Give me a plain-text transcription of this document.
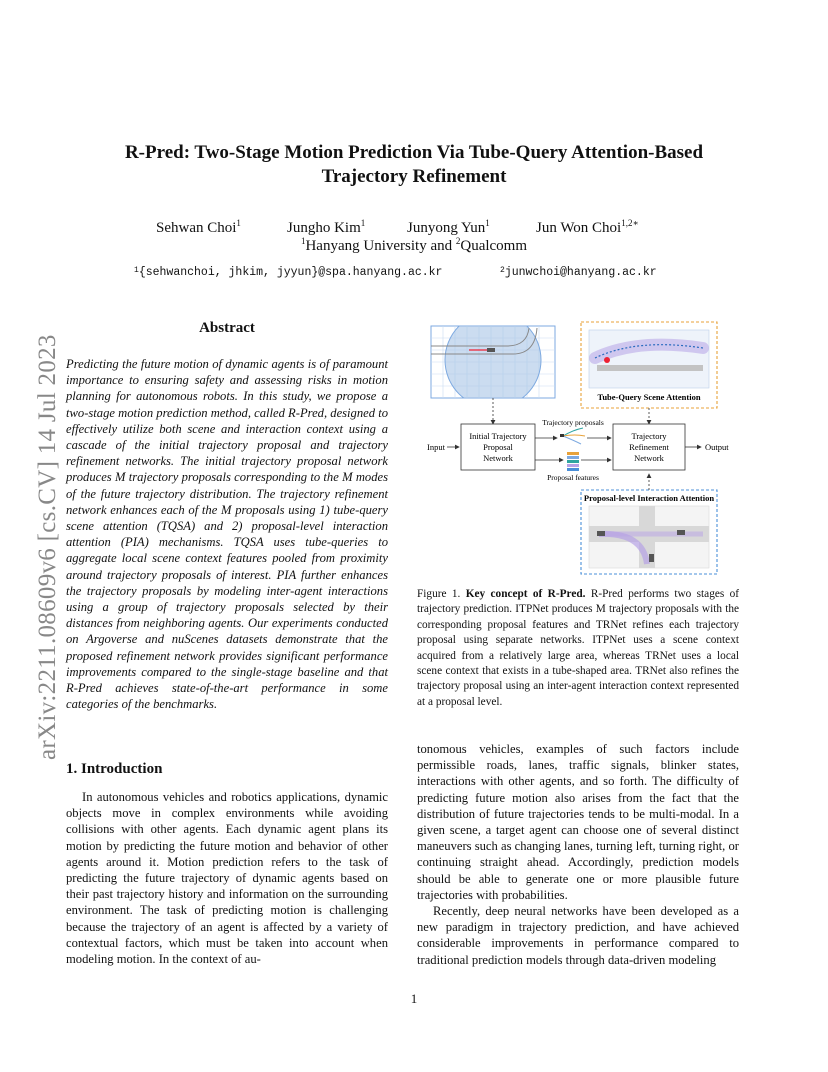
R-Pred: Two-Stage Motion Prediction Via Tube-Query Attention-Based
Trajectory Refinement
Sehwan Choi$^1$	Jungho Kim$^1$	Junyong Yun$^1$	Jun Won Choi$^{1,2∗}$
$^1$Hanyang University and $^2$Qualcomm
$^1$ {sehwanchoi, jhkim, jyyun}@spa.hanyang.ac.kr	$^2$ junwchoi@hanyang.ac.kr
arXiv:2211.08609v6 [cs.CV] 14 Jul 2023
Abstract
Predicting the future motion of dynamic agents is of paramount importance to ensuring safety and assessing risks in motion planning for autonomous robots. In this study, we propose a two-stage motion prediction method, called R-Pred, designed to effectively utilize both scene and interaction context using a cascade of the initial trajectory proposal and trajectory refinement networks. The initial trajectory proposal network produces M trajectory proposals corresponding to the M modes of the future trajectory distribution. The trajectory refinement network enhances each of the M proposals using 1) tube-query scene attention (TQSA) and 2) proposal-level interaction attention (PIA) mechanisms. TQSA uses tube-queries to aggregate local scene context features pooled from proximity around trajectory proposals of interest. PIA further enhances the trajectory proposals by modeling inter-agent interactions using a group of trajectory proposals selected by their distances from neighboring agents. Our experiments conducted on Argoverse and nuScenes datasets demonstrate that the proposed refinement network provides significant performance improvements compared to the single-stage baseline and that R-Pred achieves state-of-the-art performance in some categories of the benchmarks.
1. Introduction
In autonomous vehicles and robotics applications, dynamic objects move in complex environments while avoiding collisions with other agents. Each dynamic agent plans its motion by predicting the future motion and behavior of other agents around it. Motion prediction refers to the task of predicting the future trajectory of dynamic agents based on their past trajectory history and information on the surrounding environment. The task of predicting motion is challenging because the trajectory of an agent is affected by a variety of contextual factors, which must be taken into account when modeling motion. In the context of au-

tonomous vehicles, examples of such factors include permissible roads, lanes, traffic signals, blinker states, interactions with other agents, and so forth. The difficulty of predicting future motion also arises from the fact that the distribution of future trajectories tends to be multi-modal. In a given scene, a target agent can choose one of several distinct maneuvers such as changing lanes, turning left, turning right, or continuing straight ahead. Accordingly, prediction models should be able to generate one or more plausible future trajectories with probabilities.

Recently, deep neural networks have been developed as a new paradigm in trajectory prediction, and have achieved considerable improvements in performance compared to traditional prediction models through data-driven modeling

Tube-Query Scene Attention
Input
Initial Trajectory
Proposal
Network
Trajectory proposals
Proposal features
Trajectory
Refinement
Network
Output
Proposal-level Interaction Attention
Figure 1. Key concept of R-Pred. R-Pred performs two stages of trajectory prediction. ITPNet produces M trajectory proposals with the corresponding proposal features and TRNet refines each trajectory proposal using separate networks. ITPNet uses a scene context acquired from a relatively large area, whereas TRNet uses a local scene context that exists in a tube-shaped area. TRNet also refines the trajectory proposal using an inter-agent interaction context represented at a proposal level.
1
